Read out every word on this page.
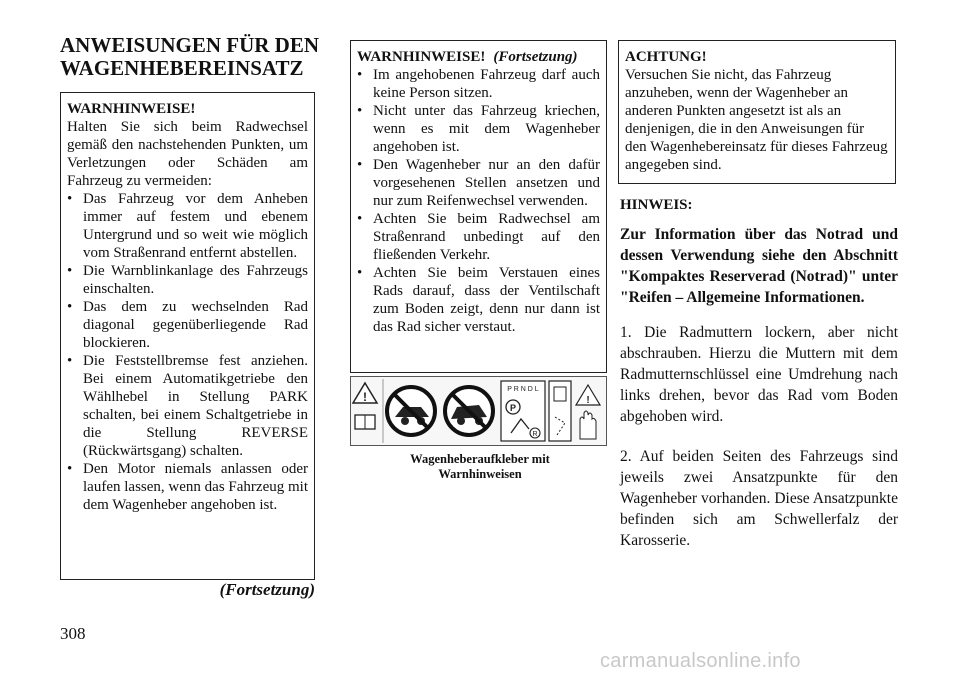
ANWEISUNGEN FÜR DEN WAGENHEBEREINSATZ
WARNHINWEISE!

Halten Sie sich beim Radwechsel gemäß den nachstehenden Punkten, um Verletzungen oder Schäden am Fahrzeug zu vermeiden:

• Das Fahrzeug vor dem Anheben immer auf festem und ebenem Untergrund und so weit wie möglich vom Straßenrand entfernt abstellen.
• Die Warnblinkanlage des Fahrzeugs einschalten.
• Das dem zu wechselnden Rad diagonal gegenüberliegende Rad blockieren.
• Die Feststellbremse fest anziehen. Bei einem Automatikgetriebe den Wählhebel in Stellung PARK schalten, bei einem Schaltgetriebe in die Stellung REVERSE (Rückwärtsgang) schalten.
• Den Motor niemals anlassen oder laufen lassen, wenn das Fahrzeug mit dem Wagenheber angehoben ist.
(Fortsetzung)
WARNHINWEISE! (Fortsetzung)
• Im angehobenen Fahrzeug darf auch keine Person sitzen.
• Nicht unter das Fahrzeug kriechen, wenn es mit dem Wagenheber angehoben ist.
• Den Wagenheber nur an den dafür vorgesehenen Stellen ansetzen und nur zum Reifenwechsel verwenden.
• Achten Sie beim Radwechsel am Straßenrand unbedingt auf den fließenden Verkehr.
• Achten Sie beim Verstauen eines Rads darauf, dass der Ventilschaft zum Boden zeigt, denn nur dann ist das Rad sicher verstaut.
!
P R N D L
P
R
!
Wagenheberaufkleber mit Warnhinweisen
ACHTUNG!

Versuchen Sie nicht, das Fahrzeug anzuheben, wenn der Wagenheber an anderen Punkten angesetzt ist als an denjenigen, die in den Anweisungen für den Wagenhebereinsatz für dieses Fahrzeug angegeben sind.

HINWEIS:
Zur Information über das Notrad und dessen Verwendung siehe den Abschnitt "Kompaktes Reserverad (Notrad)" unter "Reifen – Allgemeine Informationen.
1. Die Radmuttern lockern, aber nicht abschrauben. Hierzu die Muttern mit dem Radmutternschlüssel eine Umdrehung nach links drehen, bevor das Rad vom Boden abgehoben wird.
2. Auf beiden Seiten des Fahrzeugs sind jeweils zwei Ansatzpunkte für den Wagenheber vorhanden. Diese Ansatzpunkte befinden sich am Schwellerfalz der Karosserie.
308
carmanualsonline.info
